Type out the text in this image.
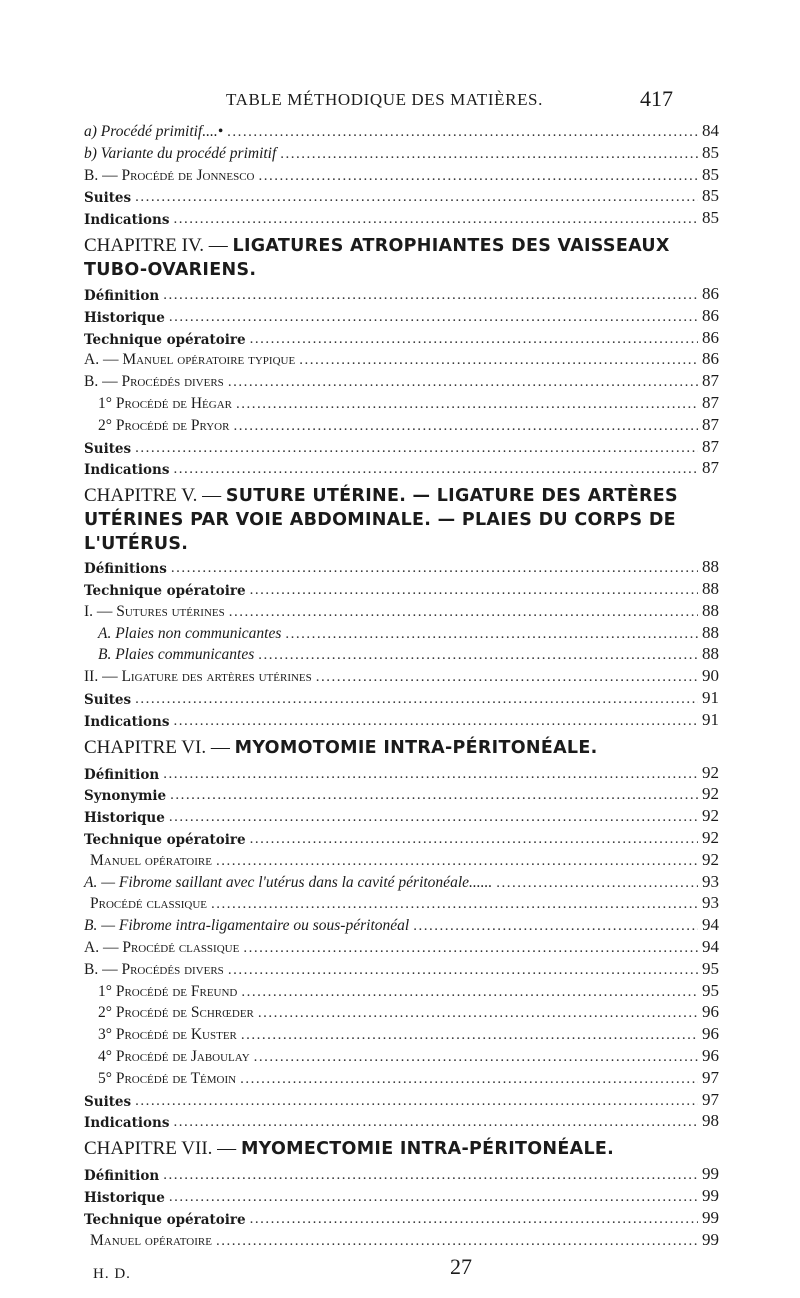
TABLE MÉTHODIQUE DES MATIÈRES.	417
a) Procédé primitif....• .....	84
b) Variante du procédé primitif .....	85
B. — Procédé de Jonnesco .....	85
Suites .....	85
Indications .....	85
CHAPITRE IV. — LIGATURES ATROPHIANTES DES VAISSEAUX TUBO-OVARIENS.
Définition .....	86
Historique .....	86
Technique opératoire .....	86
A. — Manuel opératoire typique .....	86
B. — Procédés divers .....	87
1° Procédé de Hégar .....	87
2° Procédé de Pryor .....	87
Suites .....	87
Indications .....	87
CHAPITRE V. — SUTURE UTÉRINE. — LIGATURE DES ARTÈRES UTÉRINES PAR VOIE ABDOMINALE. — PLAIES DU CORPS DE L'UTÉRUS.
Définitions .....	88
Technique opératoire .....	88
I. — Sutures utérines .....	88
A. Plaies non communicantes .....	88
B. Plaies communicantes .....	88
II. — Ligature des artères utérines .....	90
Suites .....	91
Indications .....	91
CHAPITRE VI. — MYOMOTOMIE INTRA-PÉRITONÉALE.
Définition .....	92
Synonymie .....	92
Historique .....	92
Technique opératoire .....	92
Manuel opératoire .....	92
A. — Fibrome saillant avec l'utérus dans la cavité péritonéale...... .....	93
Procédé classique .....	93
B. — Fibrome intra-ligamentaire ou sous-péritonéal .....	94
A. — Procédé classique .....	94
B. — Procédés divers .....	95
1° Procédé de Freund .....	95
2° Procédé de Schrœder .....	96
3° Procédé de Kuster .....	96
4° Procédé de Jaboulay .....	96
5° Procédé de Témoin .....	97
Suites .....	97
Indications .....	98
CHAPITRE VII. — MYOMECTOMIE INTRA-PÉRITONÉALE.
Définition .....	99
Historique .....	99
Technique opératoire .....	99
Manuel opératoire .....	99
27
H. D.
